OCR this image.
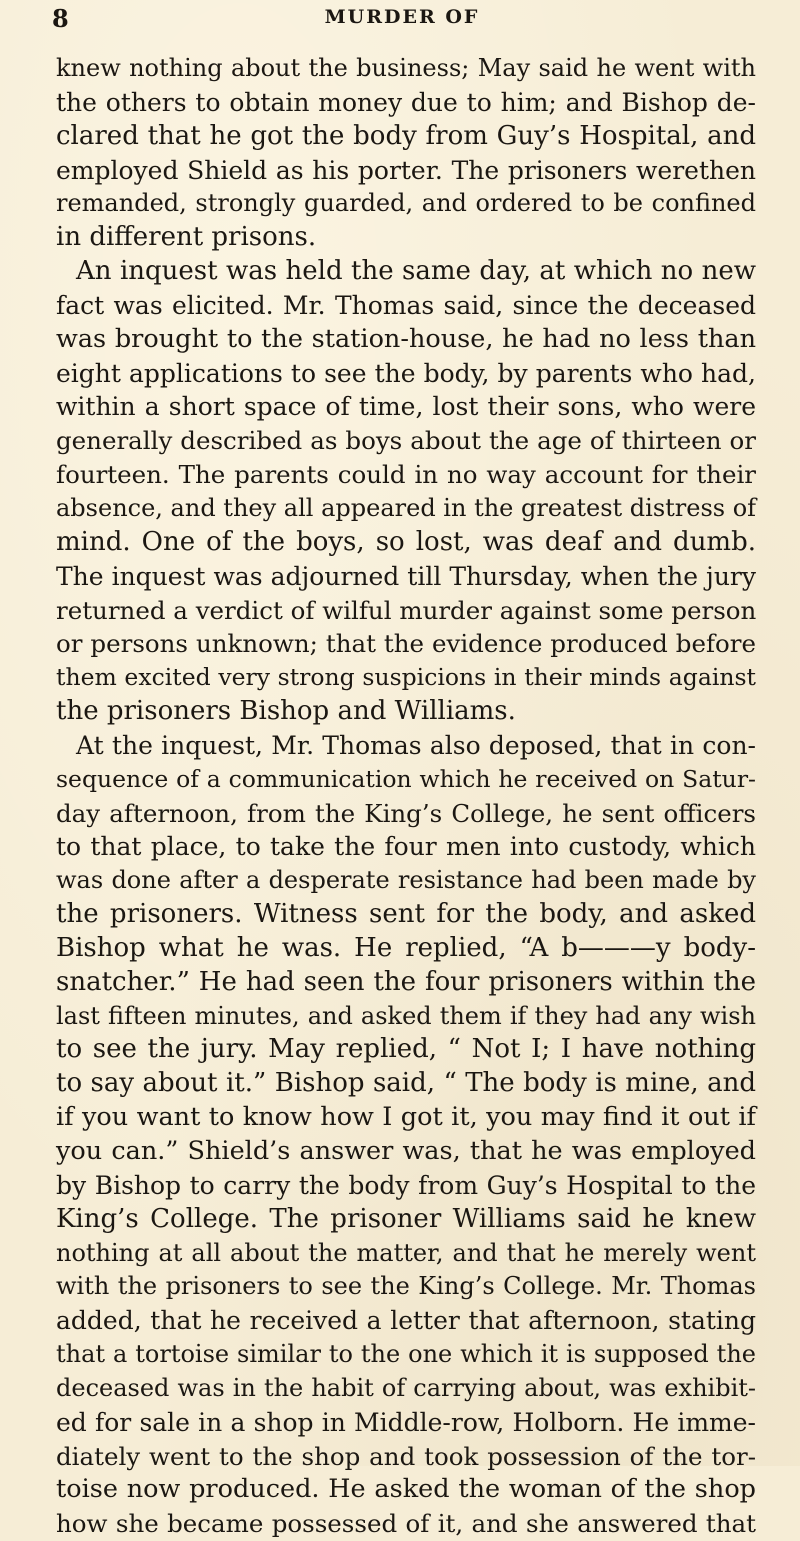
8	MURDER OF
knew nothing about the business; May said he went with
the others to obtain money due to him; and Bishop de-
clared that he got the body from Guy’s Hospital, and
employed Shield as his porter. The prisoners werethen
remanded, strongly guarded, and ordered to be confined
in different prisons.
An inquest was held the same day, at which no new
fact was elicited. Mr. Thomas said, since the deceased
was brought to the station-house, he had no less than
eight applications to see the body, by parents who had,
within a short space of time, lost their sons, who were
generally described as boys about the age of thirteen or
fourteen. The parents could in no way account for their
absence, and they all appeared in the greatest distress of
mind. One of the boys, so lost, was deaf and dumb.
The inquest was adjourned till Thursday, when the jury
returned a verdict of wilful murder against some person
or persons unknown; that the evidence produced before
them excited very strong suspicions in their minds against
the prisoners Bishop and Williams.
At the inquest, Mr. Thomas also deposed, that in con-
sequence of a communication which he received on Satur-
day afternoon, from the King’s College, he sent officers
to that place, to take the four men into custody, which
was done after a desperate resistance had been made by
the prisoners. Witness sent for the body, and asked
Bishop what he was. He replied, “A b———y body-
snatcher.” He had seen the four prisoners within the
last fifteen minutes, and asked them if they had any wish
to see the jury. May replied, “ Not I; I have nothing
to say about it.” Bishop said, “ The body is mine, and
if you want to know how I got it, you may find it out if
you can.” Shield’s answer was, that he was employed
by Bishop to carry the body from Guy’s Hospital to the
King’s College. The prisoner Williams said he knew
nothing at all about the matter, and that he merely went
with the prisoners to see the King’s College. Mr. Thomas
added, that he received a letter that afternoon, stating
that a tortoise similar to the one which it is supposed the
deceased was in the habit of carrying about, was exhibit-
ed for sale in a shop in Middle-row, Holborn. He imme-
diately went to the shop and took possession of the tor-
toise now produced. He asked the woman of the shop
how she became possessed of it, and she answered that
